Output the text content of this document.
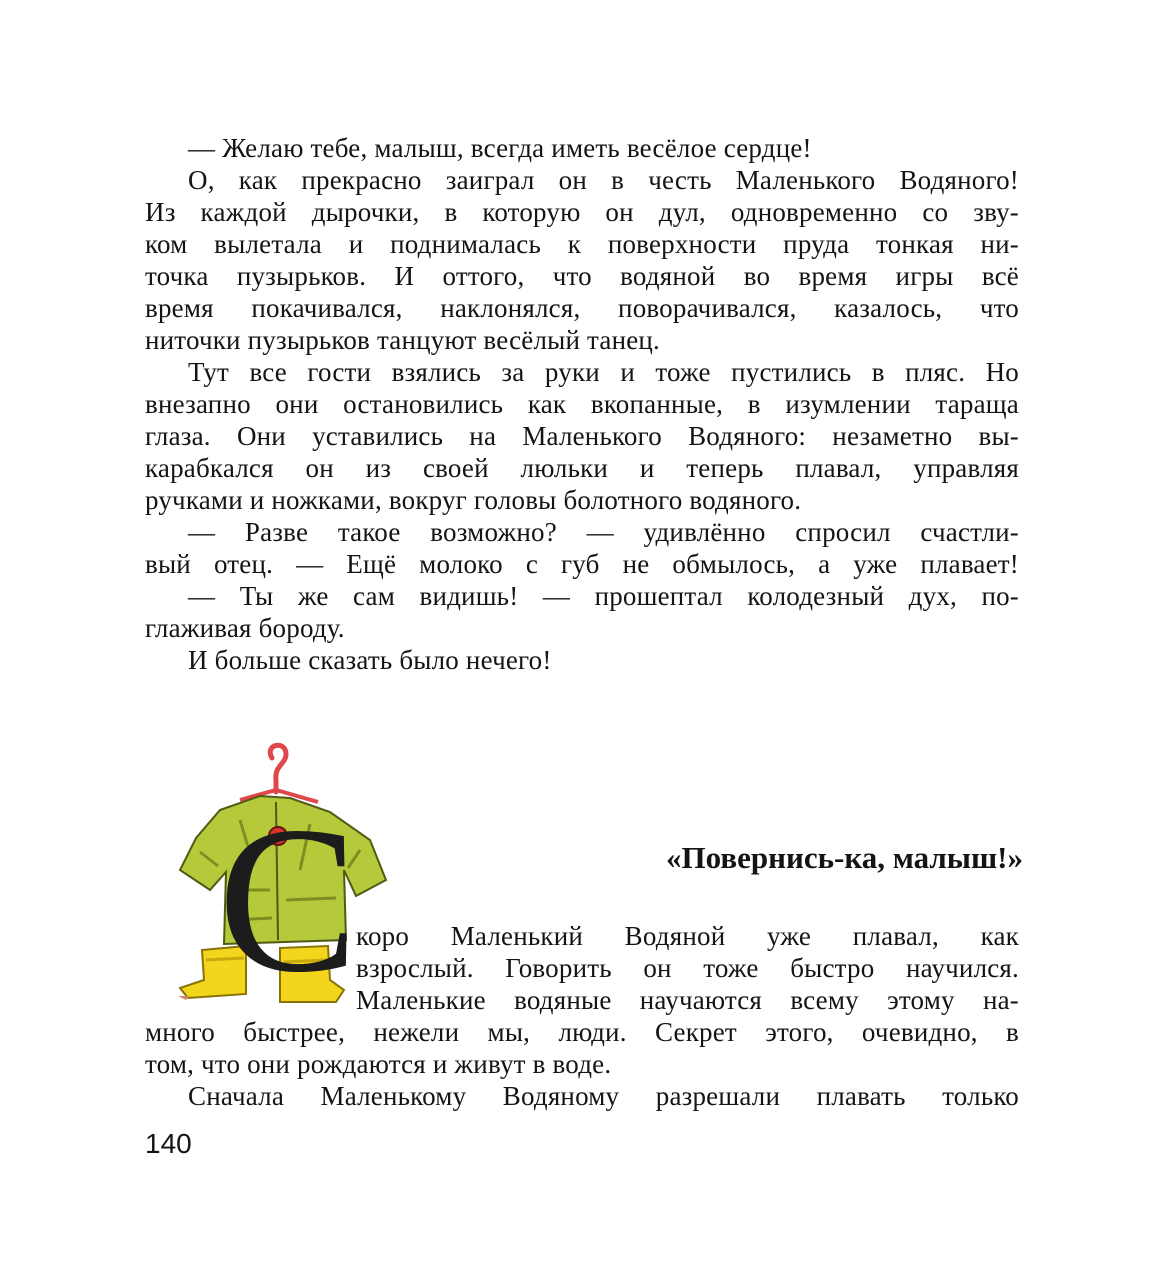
— Желаю тебе, малыш, всегда иметь весёлое сердце!
О, как прекрасно заиграл он в честь Маленького Водяного!
Из каждой дырочки, в которую он дул, одновременно со зву-
ком вылетала и поднималась к поверхности пруда тонкая ни-
точка пузырьков. И оттого, что водяной во время игры всё
время покачивался, наклонялся, поворачивался, казалось, что
ниточки пузырьков танцуют весёлый танец.
Тут все гости взялись за руки и тоже пустились в пляс. Но
внезапно они остановились как вкопанные, в изумлении тараща
глаза. Они уставились на Маленького Водяного: незаметно вы-
карабкался он из своей люльки и теперь плавал, управляя
ручками и ножками, вокруг головы болотного водяного.
— Разве такое возможно? — удивлённо спросил счастли-
вый отец. — Ещё молоко с губ не обмылось, а уже плавает!
— Ты же сам видишь! — прошептал колодезный дух, по-
глаживая бороду.
И больше сказать было нечего!
С	«Повернись-ка, малыш!»
коро Маленький Водяной уже плавал, как
взрослый. Говорить он тоже быстро научился.
Маленькие водяные научаются всему этому на-
много быстрее, нежели мы, люди. Секрет этого, очевидно, в
том, что они рождаются и живут в воде.
Сначала Маленькому Водяному разрешали плавать только
140
